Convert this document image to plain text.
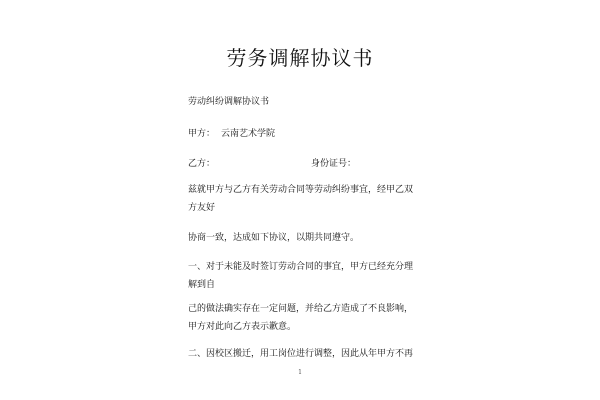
劳务调解协议书

劳动纠纷调解协议书

甲方： 云南艺术学院

乙方：	身份证号：

兹就甲方与乙方有关劳动合同等劳动纠纷事宜，经甲乙双
方友好

协商一致，达成如下协议，以期共同遵守。

一、对于未能及时签订劳动合同的事宜，甲方已经充分理
解到自
己的做法确实存在一定问题，并给乙方造成了不良影响，
甲方对此向乙方表示歉意。

二、因校区搬迁，用工岗位进行调整，因此从年甲方不再

1
